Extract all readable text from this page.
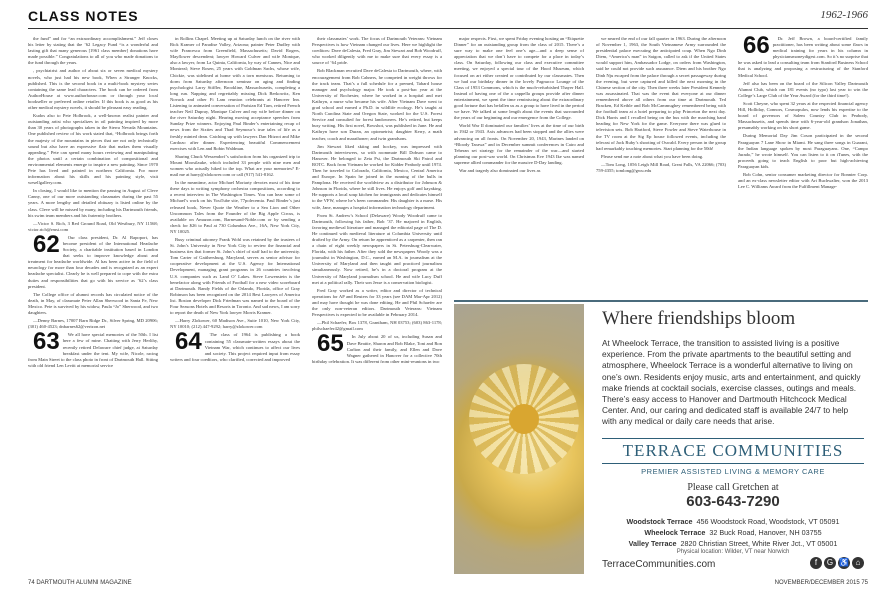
CLASS NOTES	1962-1966

the fund” and for “an extraordinary accomplishment.” Jeff closes his letter by stating that the ’62 Legacy Fund “is a wonderful and lasting gift that many generous [1961 class member] donations have made possible.” Congratulations to all of you who made donations to the fund through the years.

, psychiatrist and author of about six or seven medical mystery novels, who just had his new book, When a Stranger Knocks, published. This is the second book in a multi-book mystery series containing the same lead characters. The book can be ordered from AuthorHouse at www.authorhouse.com or through your local bookseller or preferred online retailer. If this book is as good as his other medical mystery novels, it should be pleasant easy reading.

Kudos also to Pete Holbrook, a well-known realist painter and outstanding artist who specializes in oil painting inspired by more than 30 years of photographs taken in the Sierra Nevada Mountains. One published review of his work stated that, “Holbrook brings forth the majesty of the mountains in pieces that are not only technically sound but also have an expressive flair that makes them visually appealing.” Pete can spend many hours reviewing and manipulating the photos until a certain combination of compositional and environmental elements emerge to inspire a new painting. Since 1970 Pete has lived and painted in northern California. For more information about his skills and his painting style, visit wesellgallery.com.

In closing, I would like to mention the passing in August of Cleve Canny, one of our more outstanding classmates during the past 55 years. A more lengthy and detailed obituary is listed online by the class. Cleve will be missed by many, including his Dartmouth friends, his swim team members and his fraternity brothers.

—Victor S. Rich, 3 Red Ground Road, Old Westbury, NY 11568; victor.rich@rmsi.com

62 Our class president, Dr. Al Rapoport, has become president of the International Headache Society, a charitable institution based in London that seeks to improve knowledge about and treatment for headache worldwide. Al has been active in the field of neurology for more than four decades and is recognized as an expert headache specialist. Clearly he is well prepared to cope with the extra duties and responsibilities that go with his service as ’62’s class president.

The College office of alumni records has circulated notice of the death, in May, of classmate Peter Allan Sherwood in Santa Fe, New Mexico. Pete is survived by his widow, Paula “Jo” Sherwood, and two daughters.

—Denny Barnes, 17007 Barn Ridge Dr., Silver Spring, MD 20906; (301) 460-4523; dnbarnes62@verizon.net

63 We all have special memories of the 50th. I list here a few of mine. Chatting with Jerry Herlihy, recently retired Delaware chief judge, at Saturday breakfast under the tent. My wife, Nicole, racing from Main Street to the class photo in front of Dartmouth Hall. Sitting with old friend Len Levitt at memorial service

in Rollins Chapel. Meeting up at Saturday lunch on the river with Rick Kramer of Paradise Valley, Arizona; painter Peter Dudley with wife Francesca from Greenfield, Massachusetts; David Rogers, Mayflower descendent; lawyer Howard Culver and wife Monique, also a lawyer, from La Quinta, California, by way of Cannes, Nice and Montreal; Steve Rosen, 25 years with Goldman Sachs, whose wife, Chickie, was sidelined at home with a torn meniscus. Returning to dorm from Saturday afternoon seminar on aging and finding psychologist Larry Stiffler, Brookline, Massachusetts, completing a long run. Napping and regrettably missing Dick Berkowitz, Ken Novack and other Fi Lam reunion celebrants at Hanover Inn. Listening to animated conversation of Parisian Ed Tarn, retired French teacher Neil Dupray, Monique Culver and my wife before dinner on the river Saturday night. Hearing moving acceptance speeches from Sunday Prize winners. Enjoying Paul Binder’s entertaining recap of news from the Sixties and Thad Seymour’s true tales of life as a freshly minted dean. Catching up with lawyers Dan Hitzrot and Mike Cardozo after dinner. Experiencing beautiful Commencement exercises with Len and Robin Waldman.

Sharing Chuck Wessendorf’s satisfaction from his organized trip to Mount Moosilauke, which included 33 people with nine men and women who actually hiked to the top. What are your memories? E-mail me at harry@zlokower.com or call (917) 541-8162.

In the meantime, actor Michael Moriarty devotes most of his time these days to writing symphony orchestra compositions, according to a recent interview in The Washington Times. You can hear some of Michael’s work on his YouTube site, 77polecemia. Paul Binder’s just released book, Never Quote the Weather to a Sea Lion and Other Uncommon Tales from the Founder of the Big Apple Circus, is available on Amazon.com, Barnesand-Noble.com or by sending a check for $26 to Paul at 730 Columbus Ave., 16A, New York City, NY 10025.

Busy criminal attorney Frank Wohl was retained by the trustees of St. John’s University in New York City to review the financial and business ties that former St. John’s chief of staff had to the university. Tom Carter of Gaithersburg, Maryland, serves as senior advisor for cooperative development at the U.S. Agency for International Development, managing grant programs in 26 countries involving U.S. companies such as Land O’ Lakes. Steve Lowenstein is the benefactor along with Friends of Football for a new video scoreboard at Dartmouth. Randy Fields of the Orlando, Florida, office of Gray Robinson has been recognized on the 2014 Best Lawyers of America list. Boston developer Dick Friedman was named to the board of the Four Seasons Hotels and Resorts in Toronto. And sad news, I am sorry to report the death of New York lawyer Morris Kramer.

—Harry Zlokower, 60 Madison Ave., Suite 1010, New York City, NY 10010; (212) 447-9292; harry@zlokower.com

64 The class of 1964 is publishing a book containing 55 classmate-written essays about the Vietnam War, which continues to affect our lives and society. This project required input from essay writers and four coeditors, who clarified, corrected and improved

their classmates’ work. The focus of Dartmouth Veterans: Vietnam Perspectives is how Vietnam changed our lives. Here we highlight the coeditors: Dave deCalesta, Fred Gray, Jim Stewart and Bob Woodruff, who worked diligently with me to make sure that every essay is a source of ’64 pride.

Bob Blackman recruited Dave deCalesta to Dartmouth, where, with encouragement from Bob Cahners, he competed in weight throws for the track team. That’s a full schedule for a premed, Tabard house manager and psychology major. He took a post-bac year at the University of Rochester, where he worked in a hospital and met Kathryn, a nurse who became his wife. After Vietnam Dave went to grad school and earned a Ph.D. in wildlife ecology. He’s taught at North Carolina State and Oregon State, worked for the U.S. Forest Service and consulted for forest landowners. He’s retired, but keeps busy writing. His first novel, Bowshot, was published in June. He and Kathryn have son Duran, an optometrist; daughter Kerry, a math teacher, coach and marathoner; and twin grandsons.

Jim Stewart liked skiing and hockey, was impressed with Dartmouth interviewers, so with roommate Bill Dobson came to Hanover. He belonged to Zeta Psi, the Dartmouth Ski Patrol and ROTC. Back from Vietnam he worked for Kidder Peabody until 1974. Then he traveled to Colorado, California, Mexico, Central America and Europe. In Spain he joined in the running of the bulls in Pamplona. He received the worldview as a distributor for Johnson & Johnson in Florida, where he still lives. He enjoys golf and kayaking. He supports a local soup kitchen for immigrants and dedicates himself to the VFW, where he’s been commander. His daughter is a nurse. His wife, Jane, manages a hospital information technology department.

From St. Andrew’s School (Delaware) Woody Woodruff came to Dartmouth, following his father, Bob ’37. He majored in English, favoring medieval literature and managed the editorial page of The D. He continued with medieval literature at Columbia University until drafted by the Army. On return he apprenticed as a carpenter, then ran a chain of eight weekly newspapers in St. Petersburg-Clearwater, Florida, with his father. After they sold the newspapers Woody was a journalist in Washington, D.C., earned an M.A. in journalism at the University of Maryland and then taught and practiced journalism simultaneously. Now retired, he’s in a doctoral program at the University of Maryland journalism school. He and wife Lucy Duff met at a political rally. Their son Jesse is a conservation biologist.

Fred Gray worked as a writer, editor and director of technical operations for AP and Reuters for 33 years (see DAM Mar-Apr 2012) and may have thought he was done editing. He and Phil Schaefer are the only non-veteran editors. Dartmouth Veterans: Vietnam Perspectives is expected to be available in February 2014.

—Phil Schaefer, Box 1378, Grantham, NH 03753; (603) 863-1178; philschaefer42@gmail.com

65 In July about 20 of us, including Susan and Dave Beattie, Sharon and Bob Blake, Toni and Ron Carlton and their family, and Ellen and Dave Wagner gathered in Hanover for a collective 70th birthday celebration. It was different from other mini-reunions in two

major respects. First, we spent Friday evening hosting an “Etiquette Dinner” for an outstanding group from the class of 2015. There’s a sure way to make one feel one’s age—and a deep sense of appreciation that we don’t have to compete for a place in today’s class. On Saturday, following our class and executive committee meeting, we enjoyed a special tour of the Hood Museum, which focused on art either created or contributed by our classmates. Then we had our birthday dinner in the lovely Pagnucco Lounge of the Class of 1953 Commons, which is the much-refurbished Thayer Hall. Instead of having one of the a cappella groups provide after dinner entertainment, we spent the time reminiscing about the extraordinary good fortune that has befallen us as a group to have lived in the period we have. We talked at some length about the events that surrounded the years of our beginning and our emergence from the College.

World War II dominated our families’ lives at the time of our birth in 1942 or 1943. Axis advances had been stopped and the allies were advancing on all fronts. On November 20, 1943, Marines landed on “Bloody Tarawa” and in December summit conferences in Cairo and Teheran set strategy for the remainder of the war—and started planning our post-war world. On Christmas Eve 1943 Ike was named supreme allied commander for the massive D-Day landing.

War and tragedy also dominated our lives as

we neared the end of our fall quarter in 1963. During the afternoon of November 1, 1963, the South Vietnamese Army surrounded the presidential palace executing the anticipated coup. When Ngo Dinh Diem, “America’s man” in Saigon, called to ask if the United States would support him, Ambassador Lodge, on orders from Washington, said he could not provide such assurance. Diem and his brother Ngo Dinh Nju escaped from the palace through a secret passageway during the evening, but were captured and killed the next morning in the Chinese section of the city. Then three weeks later President Kennedy was assassinated. That was the event that everyone at our dinner remembered above all others from our time at Dartmouth. Ted Bracken, Ed Keible and Bob McCammughey remembered being with the football team at a hotel preparing to play Princeton the next day. Dick Harris and I recalled being on the bus with the marching band heading for New York for the game. Everyone there was glued to television sets. Bob Hartford, Steve Fowler and Steve Waterhouse in the TV room at the Sig Ep house followed events, including the telecast of Jack Ruby’s shooting of Oswald. Every person in the group had remarkably touching memories. Start planning for the 50th!

Please send me a note about what you have been doing.

—Tom Long, 1056 Leigh Mill Road, Great Falls, VA 22066; (703) 759-4355; tomlong@gwu.edu

66 Dr. Jeff Brown, a board-certified family practitioner, has been writing about some flaws in medical training for years in his column in physiciansmoneydigest.com. So it’s no surprise that he was asked to lead a consulting team from Stanford Business School that is analyzing and proposing a restructuring of the Stanford Medical School.

Jeff also has been on the board of the Silicon Valley Dartmouth Alumni Club, which ran 181 events (no typo) last year to win the College’s Large Club of the Year Award (for the third time!).

Scott Cheyne, who spent 32 years at the respected financial agency Hill, Holliday, Connors, Cosmopulos, now lends his expertise to the board of governors of Salem Country Club in Peabody, Massachusetts, and spends time with 6-year-old grandson Jonathan, presumably working on his short game.

During Memorial Day Jim Coson participated in the second Paraguayan 7 Lane Show in Miami. He sang three songs in Guarani, the Indian language spoken by most Paraguayans. One, “Campo Jurado,” he wrote himself. You can listen to it on iTunes, with the proceeds going to teach English to poor but high-achieving Paraguayan kids.

Bob Cohn, senior consumer marketing director for Bonnier Corp. and an ex-class newsletter editor with Art Buchwalter, won the 2013 Lee C. Williams Award from the Fulfillment Manage-

Where friendships bloom

At Wheelock Terrace, the transition to assisted living is a positive experience. From the private apartments to the beautiful setting and atmosphere, Wheelock Terrace is a wonderful alternative to living on one’s own. Residents enjoy music, arts and entertainment, and quickly make friends at cocktail socials, exercise classes, outings and meals. There’s easy access to Hanover and Dartmouth Hitchcock Medical Center. And, our caring and dedicated staff is available 24/7 to help with any medical or daily care needs that arise.

TERRACE COMMUNITIES
PREMIER ASSISTED LIVING & MEMORY CARE
Please call Gretchen at
603-643-7290
Woodstock Terrace 456 Woodstock Road, Woodstock, VT 05091
Wheelock Terrace 32 Buck Road, Hanover, NH 03755
Valley Terrace 2820 Christian Street, White River Jct., VT 05001
Physical location: Wilder, VT near Norwich
TerraceCommunities.com	f G ♿ ⌂
74 DARTMOUTH ALUMNI MAGAZINE	NOVEMBER/DECEMBER 2015 75
